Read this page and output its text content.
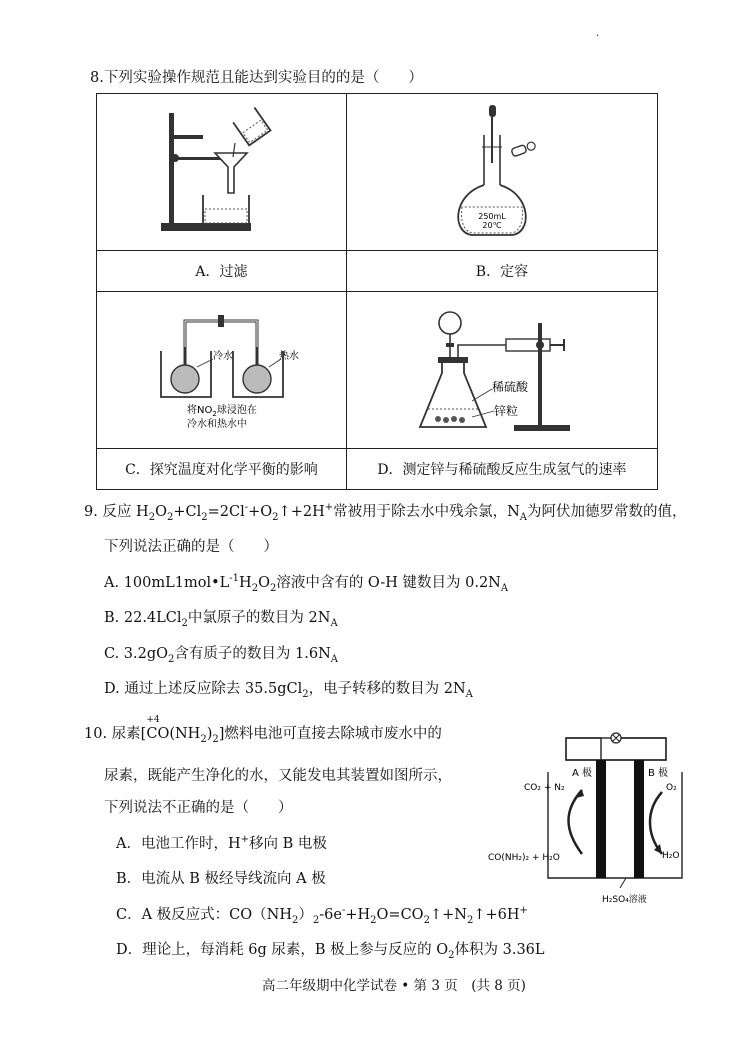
.
8.下列实验操作规范且能达到实验目的的是（　　）

250mL
20℃

A．过滤	B．定容

冷水 热水
将$NO_2$球浸泡在
冷水和热水中	稀硫酸
锌粒

C．探究温度对化学平衡的影响	D．测定锌与稀硫酸反应生成氢气的速率
9. 反应 $H_2O_2+Cl_2=2Cl^-+O_2↑+2H^+$常被用于除去水中残余氯，$N_A$为阿伏加德罗常数的值，
下列说法正确的是（　　）
A. $100mL1mol•L^{-1}H_2O_2$溶液中含有的 O-H 键数目为 $0.2N_A$
B. 22.4LCl$_2$中氯原子的数目为 $2N_A$
C. $3.2gO_2$含有质子的数目为 $1.6N_A$
D. 通过上述反应除去 35.5gCl$_2$，电子转移的数目为 $2N_A$
10. 尿素[
+4
$CO(NH_2)_2$]燃料电池可直接去除城市废水中的
尿素，既能产生净化的水，又能发电其装置如图所示，
下列说法不正确的是（　　）
A．电池工作时，H+移向 B 电极
B．电流从 B 极经导线流向 A 极
C．A 极反应式：$CO(NH_2)_2-6e^-+H_2O=CO_2↑+N_2↑+6H^+$
D．理论上，每消耗 6g 尿素，B 极上参与反应的 $O_2$体积为 3.36L
A 极	B 极
CO₂ + N₂	O₂
CO(NH₂)₂ + H₂O	H₂O
H₂SO₄溶液
高二年级期中化学试卷 • 第 3 页　(共 8 页)
